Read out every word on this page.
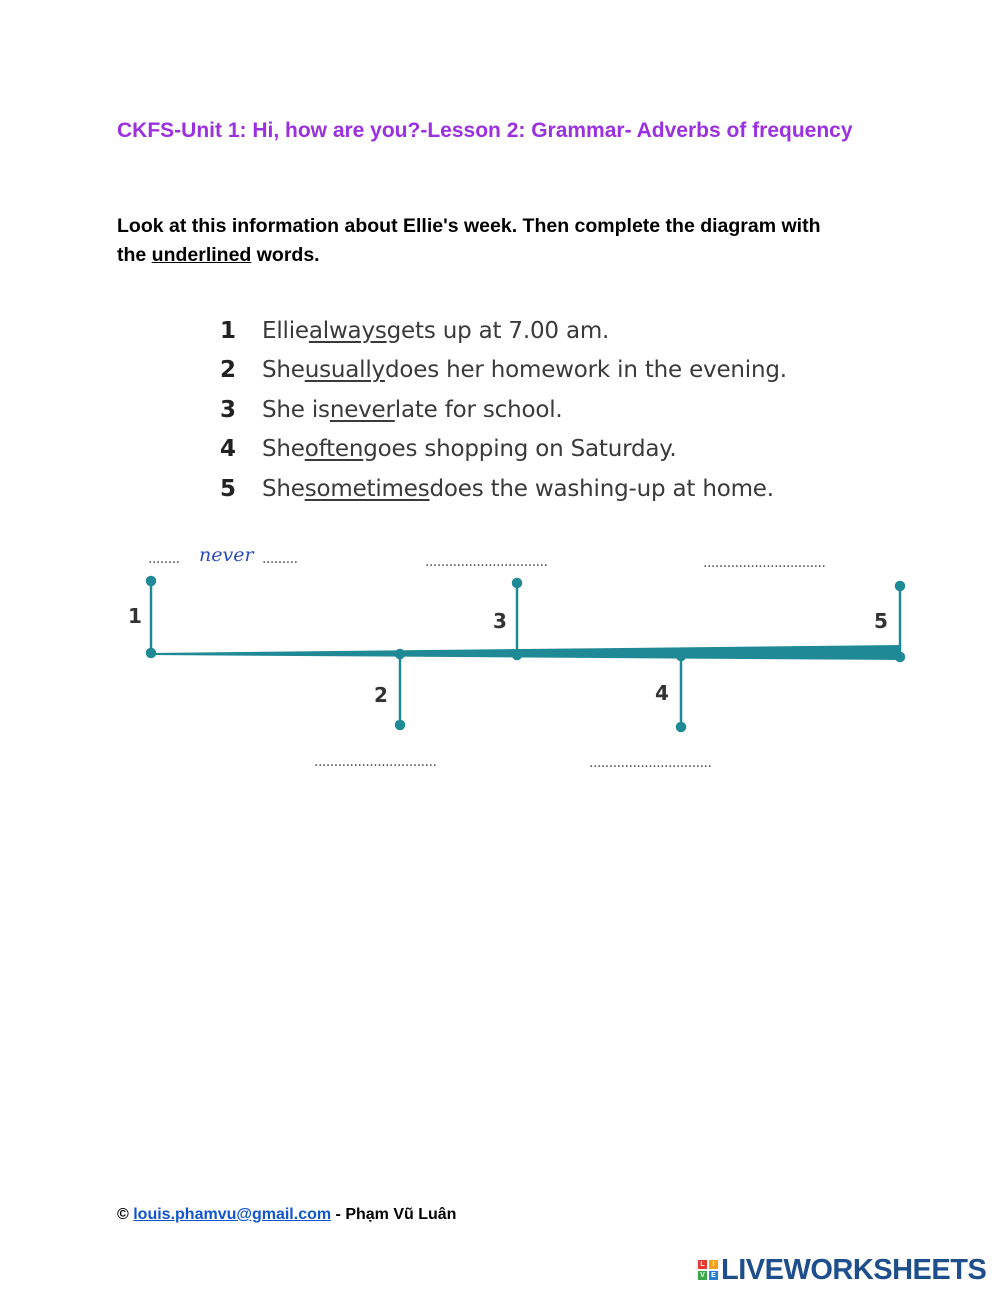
CKFS-Unit 1: Hi, how are you?-Lesson 2: Grammar- Adverbs of frequency
Look at this information about Ellie's week. Then complete the diagram with the underlined words.
1	Ellie always gets up at 7.00 am.
2	She usually does her homework in the evening.
3	She is never late for school.
4	She often goes shopping on Saturday.
5	She sometimes does the washing-up at home.
........ never .........	...............................	...............................
...............................	...............................
1
2
3
4
5
© louis.phamvu@gmail.com - Phạm Vũ Luân
L	I
V E LIVEWORKSHEETS
